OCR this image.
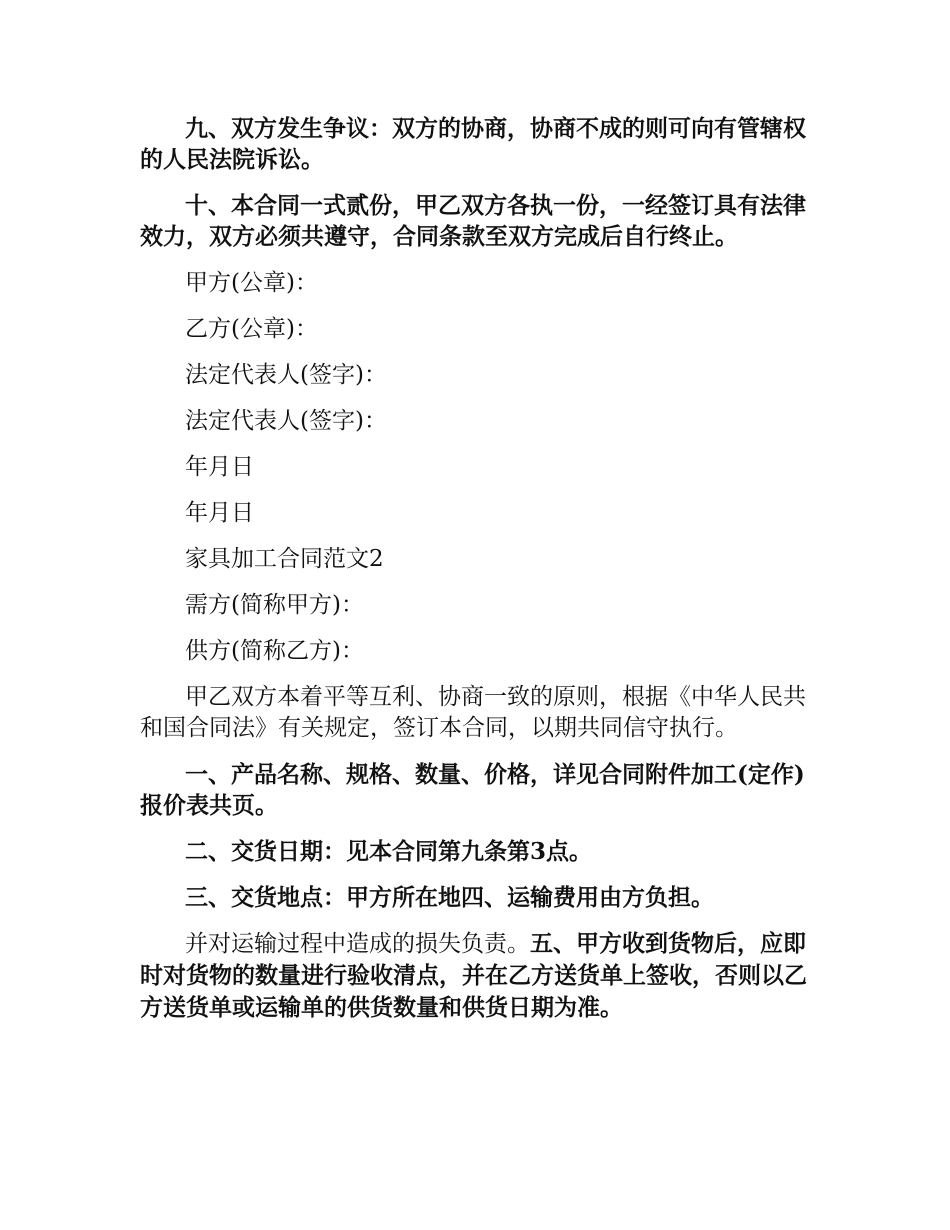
九、双方发生争议：双方的协商，协商不成的则可向有管辖权的人民法院诉讼。

十、本合同一式贰份，甲乙双方各执一份，一经签订具有法律效力，双方必须共遵守，合同条款至双方完成后自行终止。

甲方(公章)：

乙方(公章)：

法定代表人(签字)：

法定代表人(签字)：

年月日

年月日

家具加工合同范文2

需方(简称甲方)：

供方(简称乙方)：

甲乙双方本着平等互利、协商一致的原则，根据《中华人民共和国合同法》有关规定，签订本合同，以期共同信守执行。

一、产品名称、规格、数量、价格，详见合同附件加工(定作)报价表共页。

二、交货日期：见本合同第九条第3点。

三、交货地点：甲方所在地四、运输费用由方负担。

并对运输过程中造成的损失负责。五、甲方收到货物后，应即时对货物的数量进行验收清点，并在乙方送货单上签收，否则以乙方送货单或运输单的供货数量和供货日期为准。
